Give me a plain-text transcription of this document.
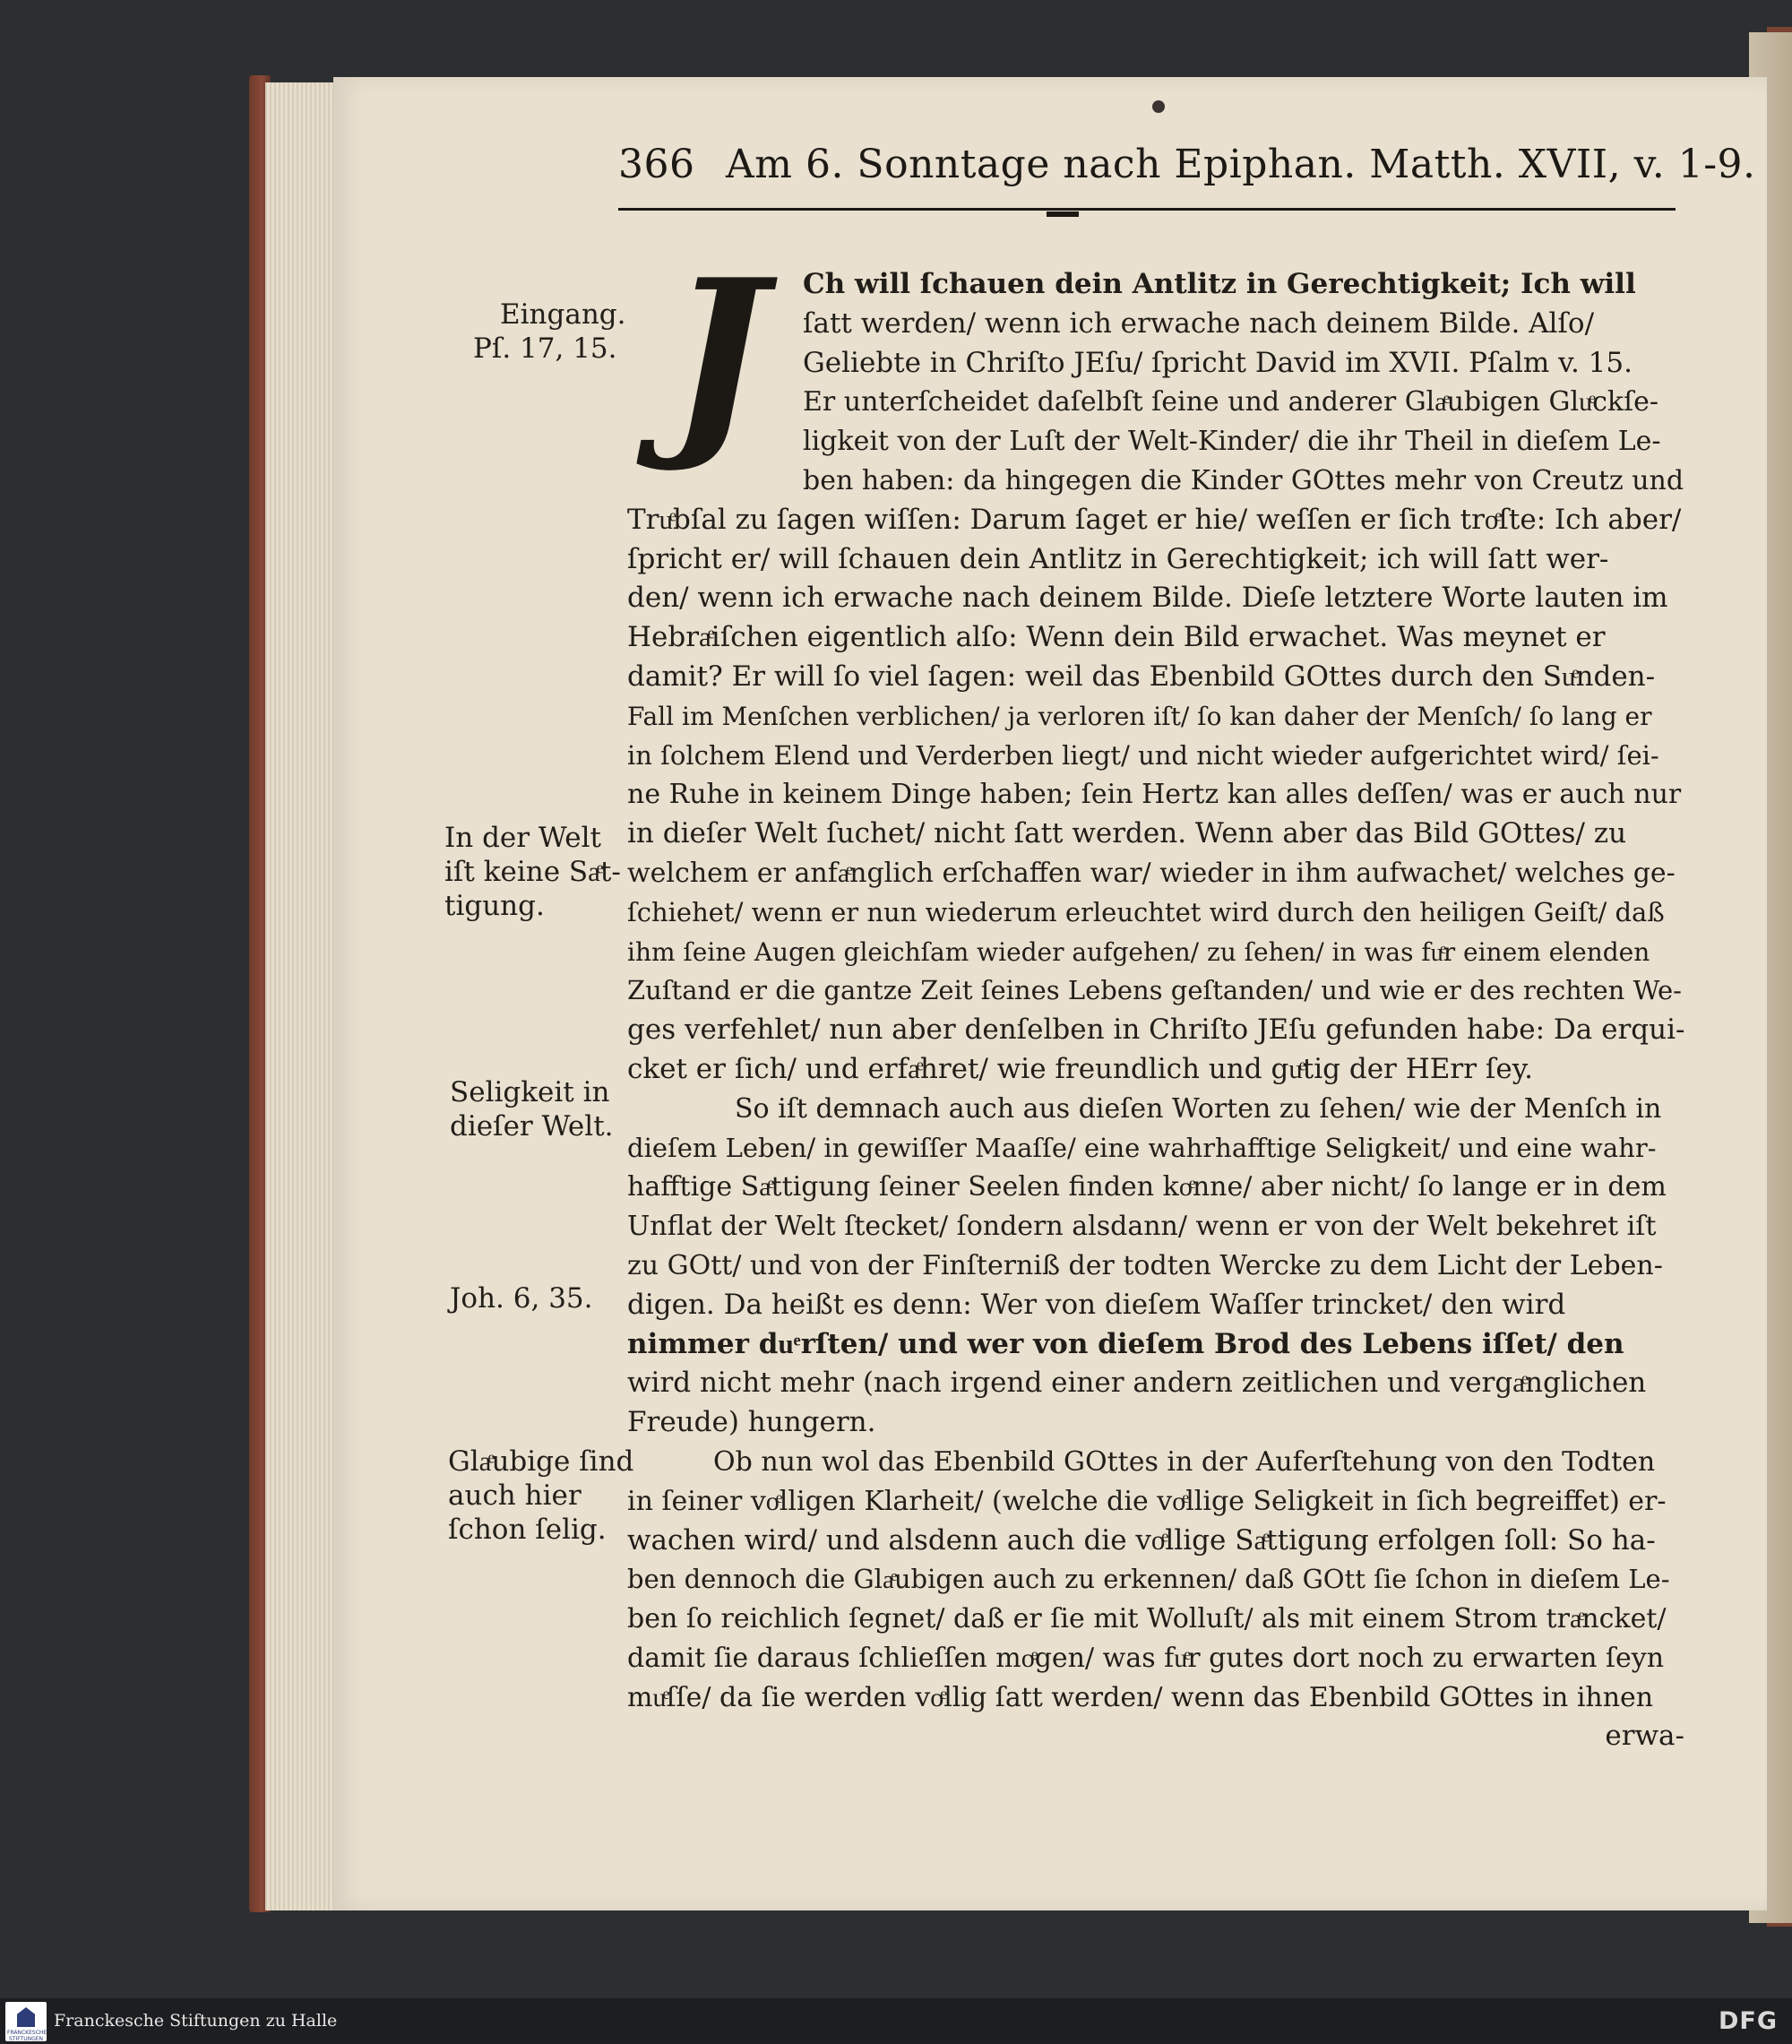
366 Am 6. Sonntage nach Epiphan. Matth. XVII, v. 1-9.
J
Eingang.
Pſ. 17, 15.
In der Welt
iſt keine Saͤt-
tigung.
Seligkeit in
dieſer Welt.
Joh. 6, 35.
Glaͤubige ſind
auch hier
ſchon ſelig.
Ch will ſchauen dein Antlitz in Gerechtigkeit; Ich will
ſatt werden/ wenn ich erwache nach deinem Bilde. Alſo/
Geliebte in Chriſto JEſu/ ſpricht David im XVII. Pſalm v. 15.
Er unterſcheidet daſelbſt ſeine und anderer Glaͤubigen Gluͤckſe-
ligkeit von der Luſt der Welt-Kinder/ die ihr Theil in dieſem Le-
ben haben: da hingegen die Kinder GOttes mehr von Creutz und
Truͤbſal zu ſagen wiſſen: Darum ſaget er hie/ weſſen er ſich troͤſte: Ich aber/
ſpricht er/ will ſchauen dein Antlitz in Gerechtigkeit; ich will ſatt wer-
den/ wenn ich erwache nach deinem Bilde. Dieſe letztere Worte lauten im
Hebraͤiſchen eigentlich alſo: Wenn dein Bild erwachet. Was meynet er
damit? Er will ſo viel ſagen: weil das Ebenbild GOttes durch den Suͤnden-
Fall im Menſchen verblichen/ ja verloren iſt/ ſo kan daher der Menſch/ ſo lang er
in ſolchem Elend und Verderben liegt/ und nicht wieder aufgerichtet wird/ ſei-
ne Ruhe in keinem Dinge haben; ſein Hertz kan alles deſſen/ was er auch nur
in dieſer Welt ſuchet/ nicht ſatt werden. Wenn aber das Bild GOttes/ zu
welchem er anfaͤnglich erſchaffen war/ wieder in ihm aufwachet/ welches ge-
ſchiehet/ wenn er nun wiederum erleuchtet wird durch den heiligen Geiſt/ daß
ihm ſeine Augen gleichſam wieder aufgehen/ zu ſehen/ in was fuͤr einem elenden
Zuſtand er die gantze Zeit ſeines Lebens geſtanden/ und wie er des rechten We-
ges verfehlet/ nun aber denſelben in Chriſto JEſu gefunden habe: Da erqui-
cket er ſich/ und erfaͤhret/ wie freundlich und guͤtig der HErr ſey.
So iſt demnach auch aus dieſen Worten zu ſehen/ wie der Menſch in
dieſem Leben/ in gewiſſer Maaſſe/ eine wahrhafftige Seligkeit/ und eine wahr-
hafftige Saͤttigung ſeiner Seelen finden koͤnne/ aber nicht/ ſo lange er in dem
Unflat der Welt ſtecket/ ſondern alsdann/ wenn er von der Welt bekehret iſt
zu GOtt/ und von der Finſterniß der todten Wercke zu dem Licht der Leben-
digen. Da heißt es denn: Wer von dieſem Waſſer trincket/ den wird
nimmer duͤrſten/ und wer von dieſem Brod des Lebens iſſet/ den
wird nicht mehr (nach irgend einer andern zeitlichen und vergaͤnglichen
Freude) hungern.
Ob nun wol das Ebenbild GOttes in der Auferſtehung von den Todten
in ſeiner voͤlligen Klarheit/ (welche die voͤllige Seligkeit in ſich begreiffet) er-
wachen wird/ und alsdenn auch die voͤllige Saͤttigung erfolgen ſoll: So ha-
ben dennoch die Glaͤubigen auch zu erkennen/ daß GOtt ſie ſchon in dieſem Le-
ben ſo reichlich ſegnet/ daß er ſie mit Wolluſt/ als mit einem Strom traͤncket/
damit ſie daraus ſchlieſſen moͤgen/ was fuͤr gutes dort noch zu erwarten ſeyn
muͤſſe/ da ſie werden voͤllig ſatt werden/ wenn das Ebenbild GOttes in ihnen
erwa-
FRANCKESCHE STIFTUNGEN
Franckesche Stiftungen zu Halle	DFG
